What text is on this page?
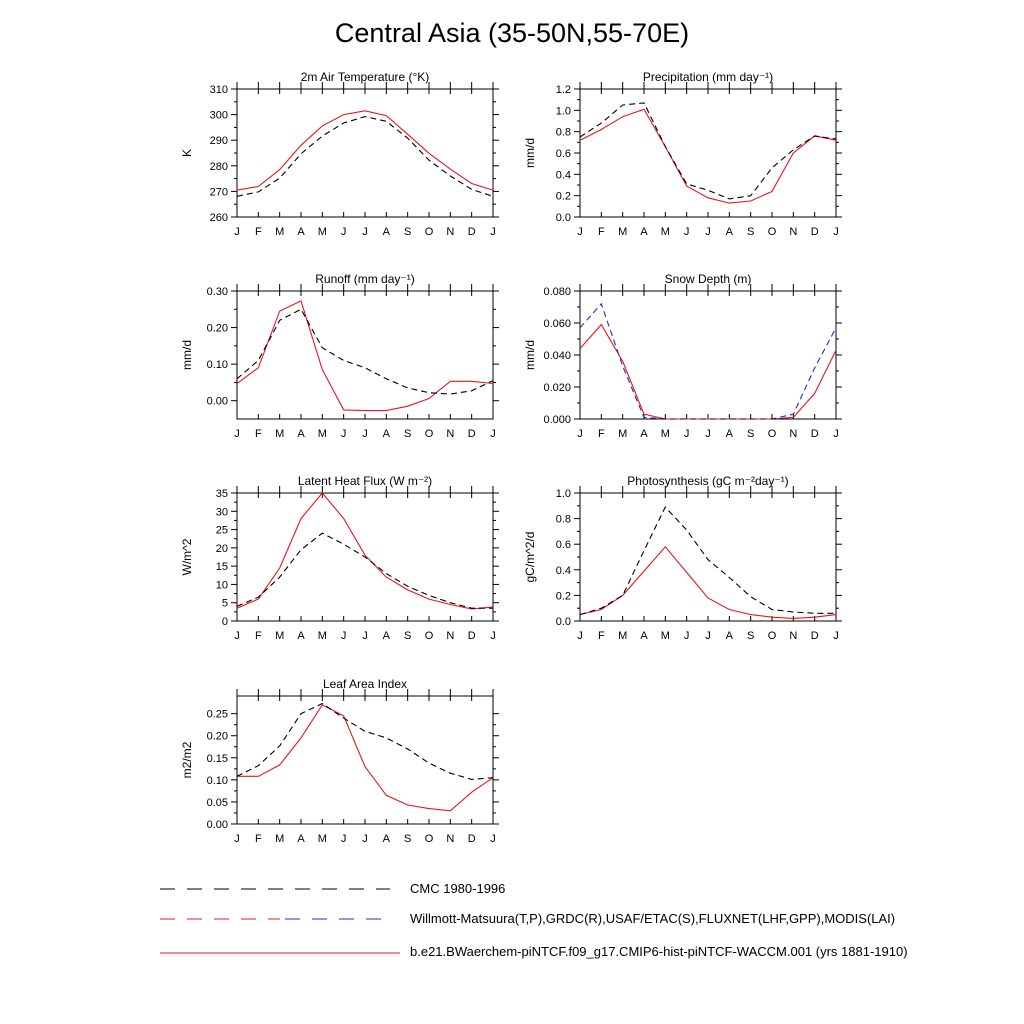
Central Asia (35-50N,55-70E)
2m Air Temperature (°K)
K
J F M A M J J A S O N D J
260
270
280
290
300
310
Precipitation (mm day⁻¹)
mm/d
J F M A M J J A S O N D J
0.0
0.2
0.4
0.6
0.8
1.0
1.2
Runoff (mm day⁻¹)
mm/d
J F M A M J J A S O N D J
0.00
0.10
0.20
0.30
Snow Depth (m)
mm/d
J F M A M J J A S O N D J
0.000
0.020
0.040
0.060
0.080
Latent Heat Flux (W m⁻²)
W/m^2
J F M A M J J A S O N D J
0
5
10
15
20
25
30
35
Photosynthesis (gC m⁻²day⁻¹)
gC/m^2/d
J F M A M J J A S O N D J
0.0
0.2
0.4
0.6
0.8
1.0
Leaf Area Index
m2/m2
J F M A M J J A S O N D J
0.00
0.05
0.10
0.15
0.20
0.25
CMC 1980-1996
Willmott-Matsuura(T,P),GRDC(R),USAF/ETAC(S),FLUXNET(LHF,GPP),MODIS(LAI)
b.e21.BWaerchem-piNTCF.f09_g17.CMIP6-hist-piNTCF-WACCM.001 (yrs 1881-1910)
